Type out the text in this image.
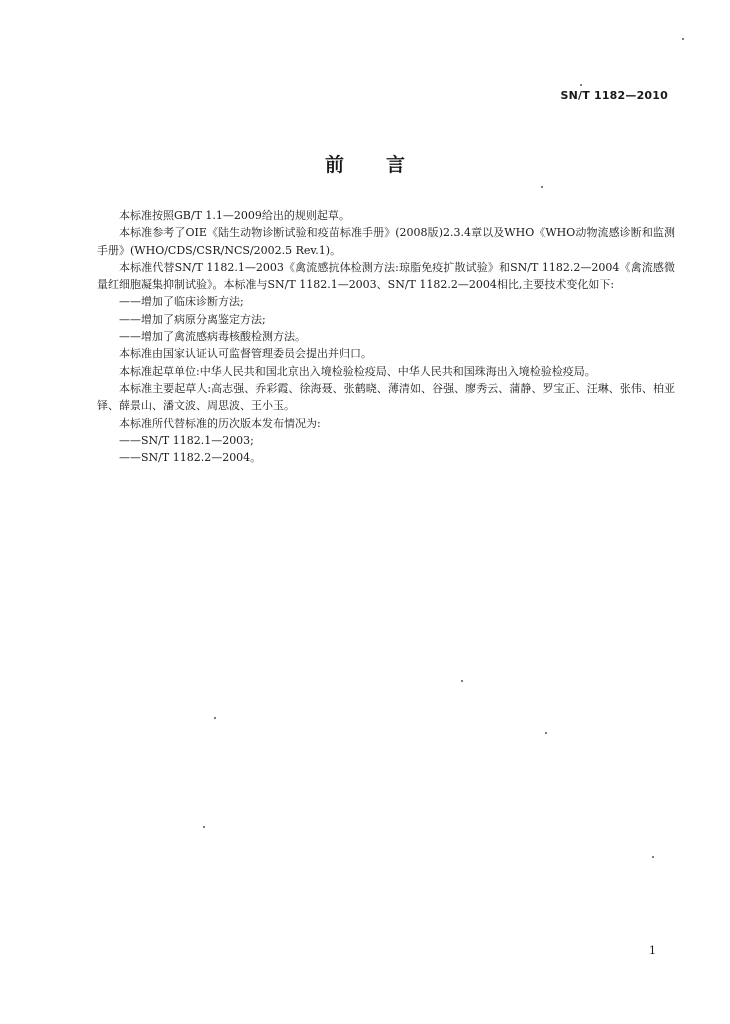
SN/T 1182—2010
前言

本标准按照GB/T 1.1—2009给出的规则起草。

本标准参考了OIE《陆生动物诊断试验和疫苗标准手册》(2008版)2.3.4章以及WHO《WHO动物流感诊断和监测手册》(WHO/CDS/CSR/NCS/2002.5 Rev.1)。

本标准代替SN/T 1182.1—2003《禽流感抗体检测方法:琼脂免疫扩散试验》和SN/T 1182.2—2004《禽流感微量红细胞凝集抑制试验》。本标准与SN/T 1182.1—2003、SN/T 1182.2—2004相比,主要技术变化如下:

——增加了临床诊断方法;

——增加了病原分离鉴定方法;

——增加了禽流感病毒核酸检测方法。

本标准由国家认证认可监督管理委员会提出并归口。

本标准起草单位:中华人民共和国北京出入境检验检疫局、中华人民共和国珠海出入境检验检疫局。

本标准主要起草人:高志强、乔彩霞、徐海聂、张鹤晓、薄清如、谷强、廖秀云、蒲静、罗宝正、汪琳、张伟、柏亚铎、薛景山、潘文波、周思波、王小玉。

本标准所代替标准的历次版本发布情况为:

——SN/T 1182.1—2003;

——SN/T 1182.2—2004。

1
